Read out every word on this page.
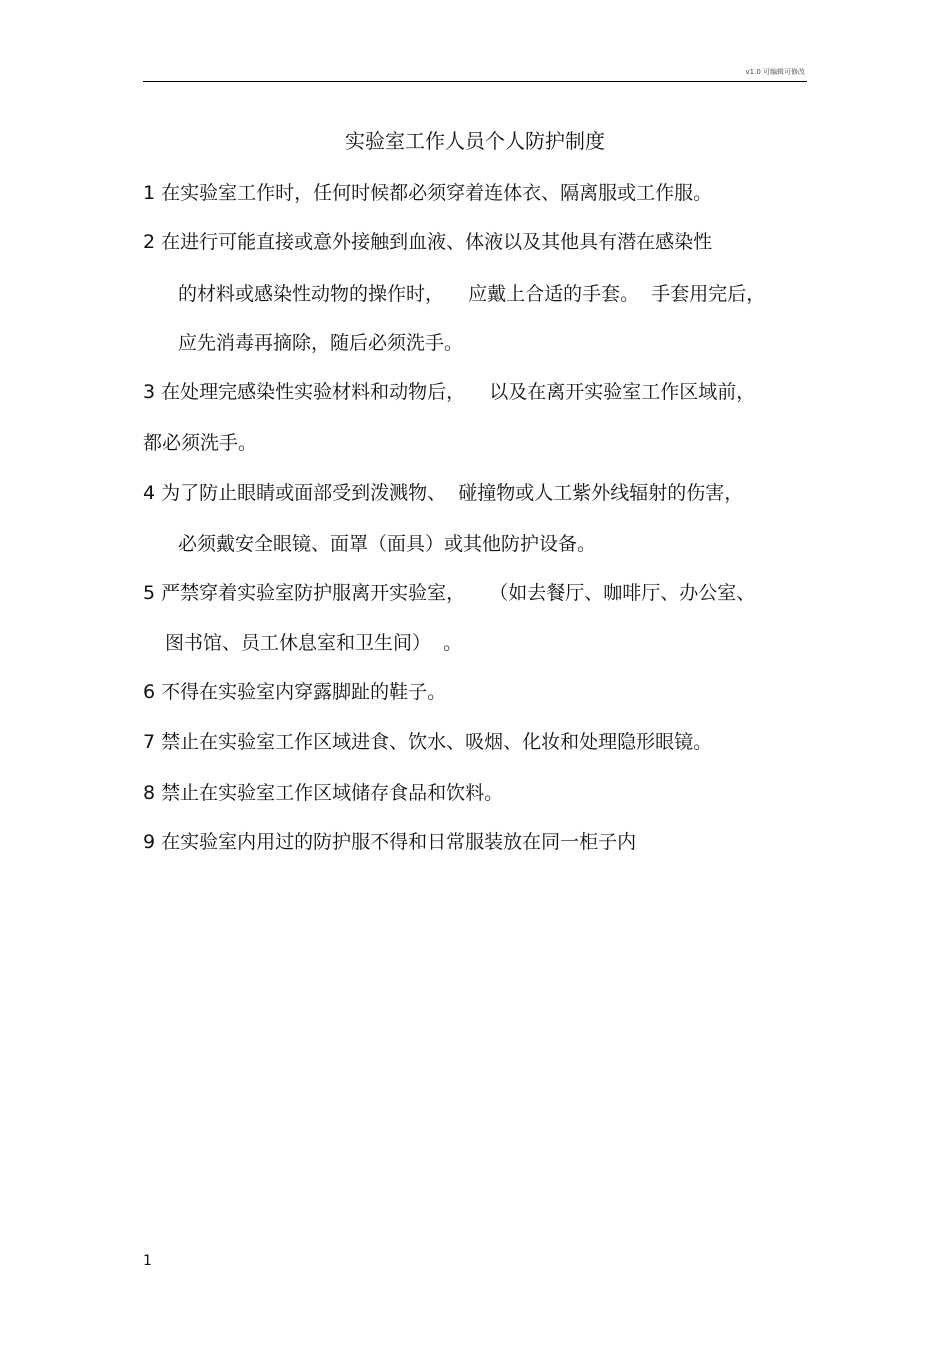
v1.0 可编辑可修改
实验室工作人员个人防护制度
1 在实验室工作时，任何时候都必须穿着连体衣、隔离服或工作服。
2 在进行可能直接或意外接触到血液、体液以及其他具有潜在感染性
的材料或感染性动物的操作时，    应戴上合适的手套。  手套用完后，
应先消毒再摘除，随后必须洗手。
3 在处理完感染性实验材料和动物后，    以及在离开实验室工作区域前，
都必须洗手。
4 为了防止眼睛或面部受到泼溅物、  碰撞物或人工紫外线辐射的伤害，
必须戴安全眼镜、面罩（面具）或其他防护设备。
5 严禁穿着实验室防护服离开实验室，    （如去餐厅、咖啡厅、办公室、
图书馆、员工休息室和卫生间）  。
6 不得在实验室内穿露脚趾的鞋子。
7 禁止在实验室工作区域进食、饮水、吸烟、化妆和处理隐形眼镜。
8 禁止在实验室工作区域储存食品和饮料。
9 在实验室内用过的防护服不得和日常服装放在同一柜子内
1
